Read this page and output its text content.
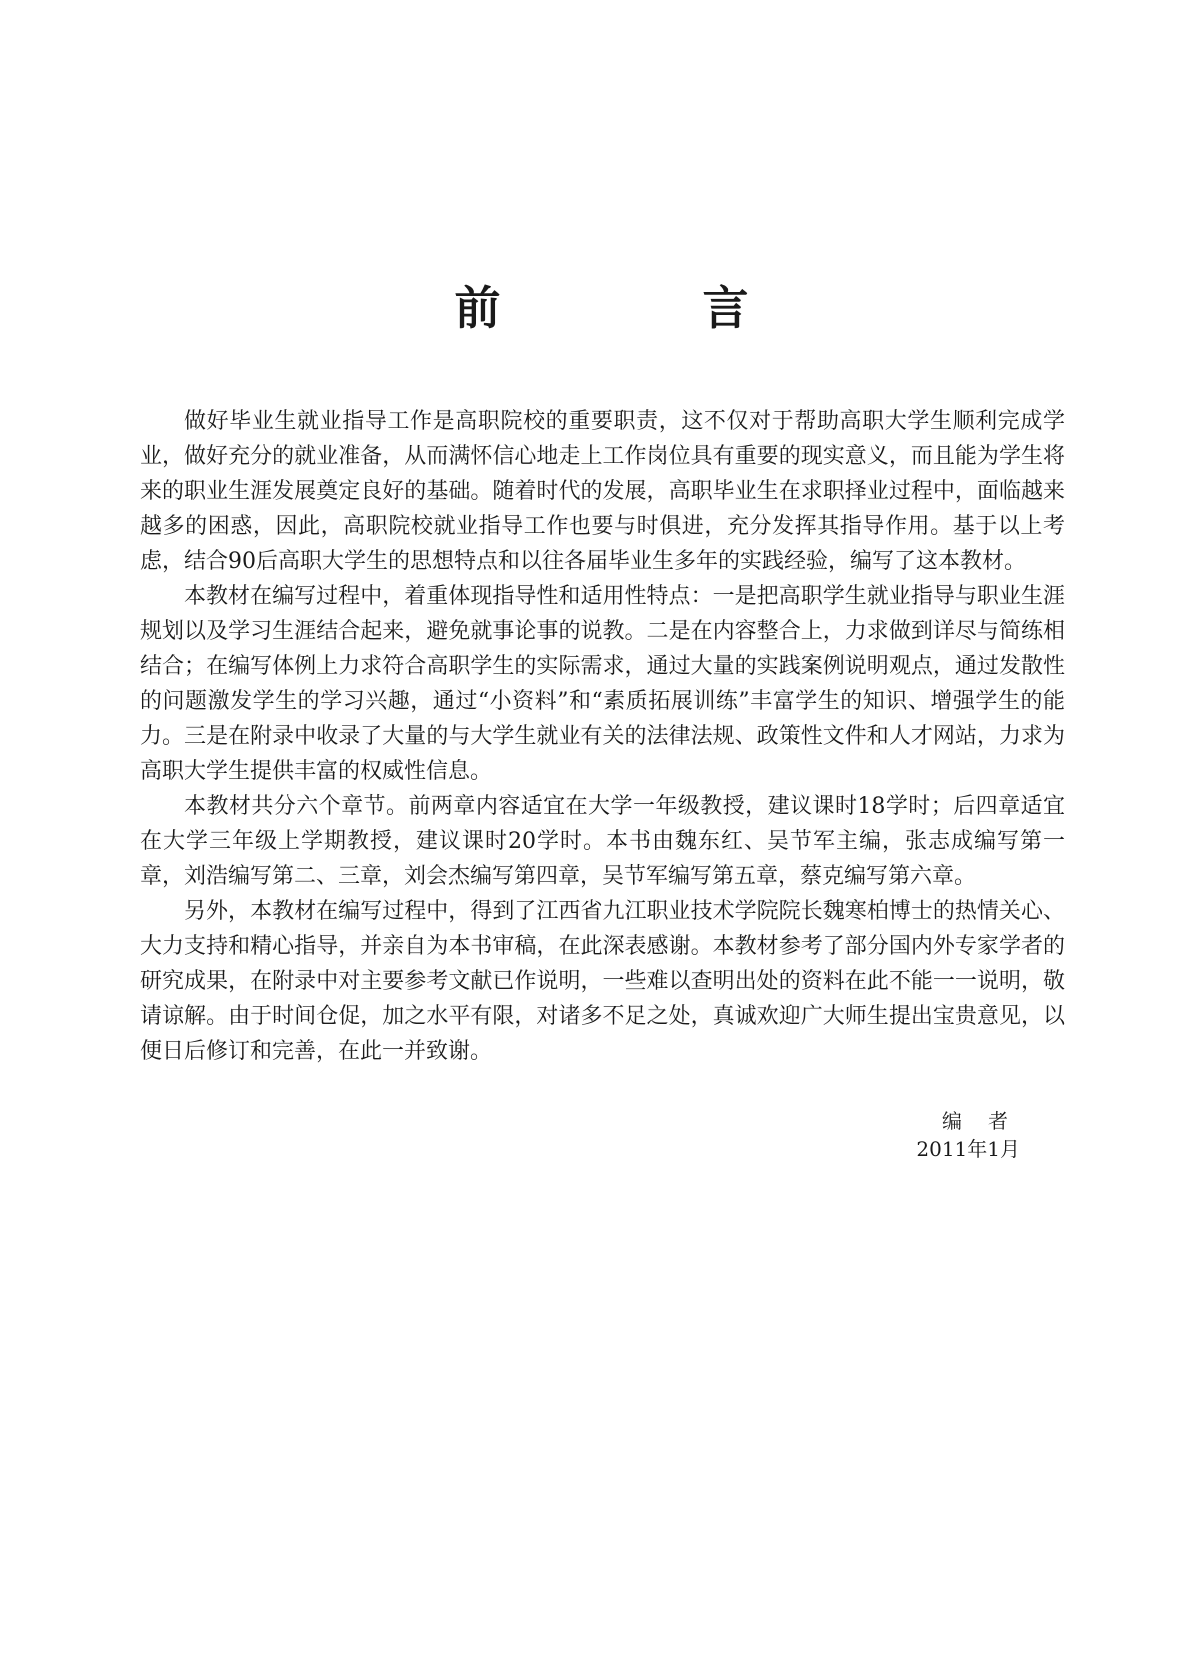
前　言

做好毕业生就业指导工作是高职院校的重要职责，这不仅对于帮助高职大学生顺利完成学业，做好充分的就业准备，从而满怀信心地走上工作岗位具有重要的现实意义，而且能为学生将来的职业生涯发展奠定良好的基础。随着时代的发展，高职毕业生在求职择业过程中，面临越来越多的困惑，因此，高职院校就业指导工作也要与时俱进，充分发挥其指导作用。基于以上考虑，结合90后高职大学生的思想特点和以往各届毕业生多年的实践经验，编写了这本教材。

本教材在编写过程中，着重体现指导性和适用性特点：一是把高职学生就业指导与职业生涯规划以及学习生涯结合起来，避免就事论事的说教。二是在内容整合上，力求做到详尽与简练相结合；在编写体例上力求符合高职学生的实际需求，通过大量的实践案例说明观点，通过发散性的问题激发学生的学习兴趣，通过“小资料”和“素质拓展训练”丰富学生的知识、增强学生的能力。三是在附录中收录了大量的与大学生就业有关的法律法规、政策性文件和人才网站，力求为高职大学生提供丰富的权威性信息。

本教材共分六个章节。前两章内容适宜在大学一年级教授，建议课时18学时；后四章适宜在大学三年级上学期教授，建议课时20学时。本书由魏东红、吴节军主编，张志成编写第一章，刘浩编写第二、三章，刘会杰编写第四章，吴节军编写第五章，蔡克编写第六章。

另外，本教材在编写过程中，得到了江西省九江职业技术学院院长魏寒柏博士的热情关心、大力支持和精心指导，并亲自为本书审稿，在此深表感谢。本教材参考了部分国内外专家学者的研究成果，在附录中对主要参考文献已作说明，一些难以查明出处的资料在此不能一一说明，敬请谅解。由于时间仓促，加之水平有限，对诸多不足之处，真诚欢迎广大师生提出宝贵意见，以便日后修订和完善，在此一并致谢。

编者
2011年1月
